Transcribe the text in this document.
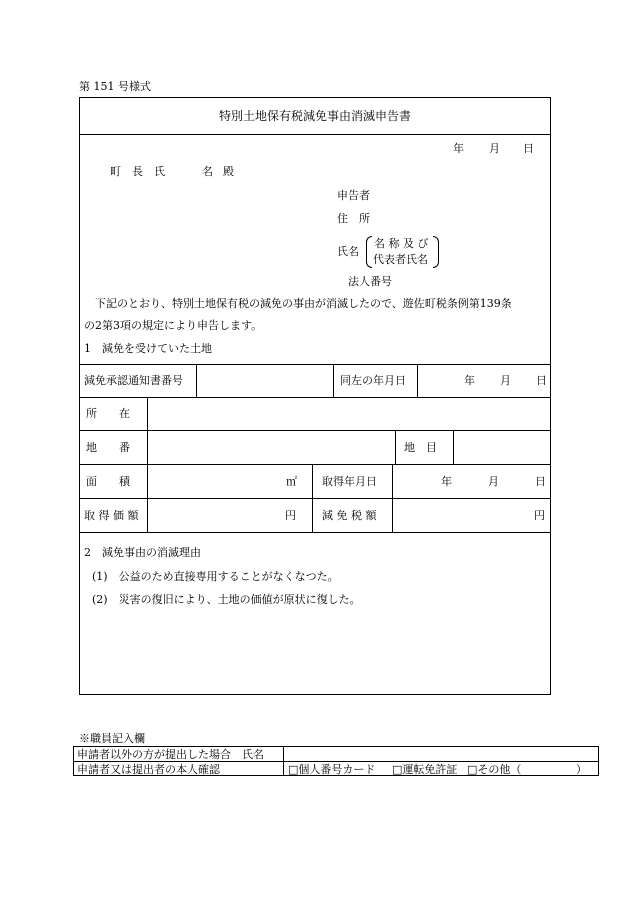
第 151 号様式
特別土地保有税減免事由消滅申告書
年 月 日
町 長 氏	名 殿
申告者
住　所
氏名
名 称 及 び
代表者氏名
法人番号
下記のとおり、特別土地保有税の減免の事由が消滅したので、遊佐町税条例第139条
の2第3項の規定により申告します。
1　減免を受けていた土地
減免承認通知書番号	同左の年月日	年 月 日
所　　在
地　　番	地　目
面　　積	㎡ 取得年月日	年	月	日
取 得 価 額	円 減 免 税 額	円
2　減免事由の消滅理由
(1)　公益のため直接専用することがなくなつた。
(2)　災害の復旧により、土地の価値が原状に復した。
※職員記入欄
申請者以外の方が提出した場合　氏名
申請者又は提出者の本人確認	□個人番号カード □運転免許証 □その他（	）
